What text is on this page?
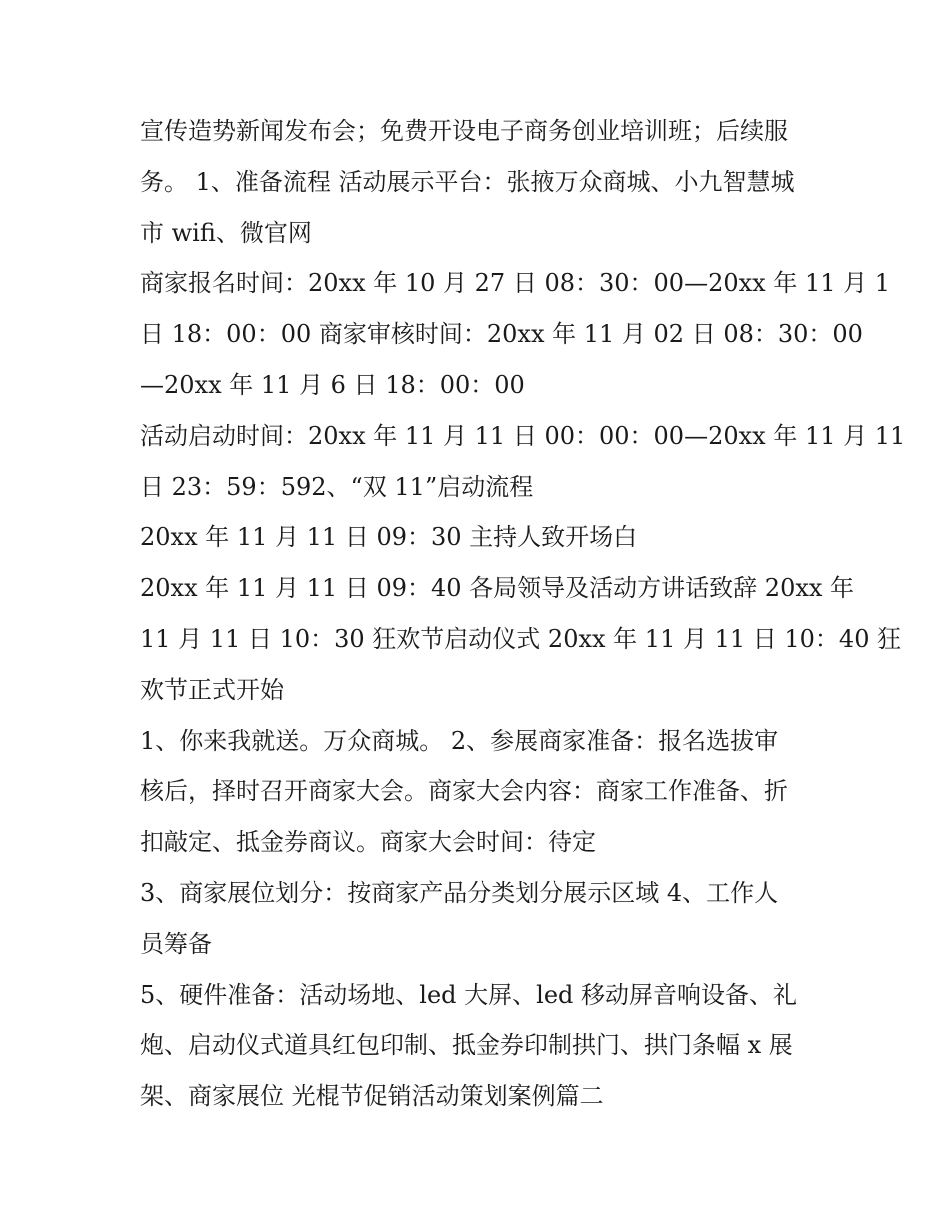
宣传造势新闻发布会；免费开设电子商务创业培训班；后续服
务。 1、准备流程 活动展示平台：张掖万众商城、小九智慧城
市 wifi、微官网
商家报名时间：20xx 年 10 月 27 日 08：30：00—20xx 年 11 月 1
日 18：00：00 商家审核时间：20xx 年 11 月 02 日 08：30：00
—20xx 年 11 月 6 日 18：00：00
活动启动时间：20xx 年 11 月 11 日 00：00：00—20xx 年 11 月 11
日 23：59：592、“双 11”启动流程
20xx 年 11 月 11 日 09：30 主持人致开场白
20xx 年 11 月 11 日 09：40 各局领导及活动方讲话致辞 20xx 年
11 月 11 日 10：30 狂欢节启动仪式 20xx 年 11 月 11 日 10：40 狂
欢节正式开始
1、你来我就送。万众商城。 2、参展商家准备：报名选拔审
核后，择时召开商家大会。商家大会内容：商家工作准备、折
扣敲定、抵金券商议。商家大会时间：待定
3、商家展位划分：按商家产品分类划分展示区域 4、工作人
员筹备
5、硬件准备：活动场地、led 大屏、led 移动屏音响设备、礼
炮、启动仪式道具红包印制、抵金券印制拱门、拱门条幅 x 展
架、商家展位 光棍节促销活动策划案例篇二
